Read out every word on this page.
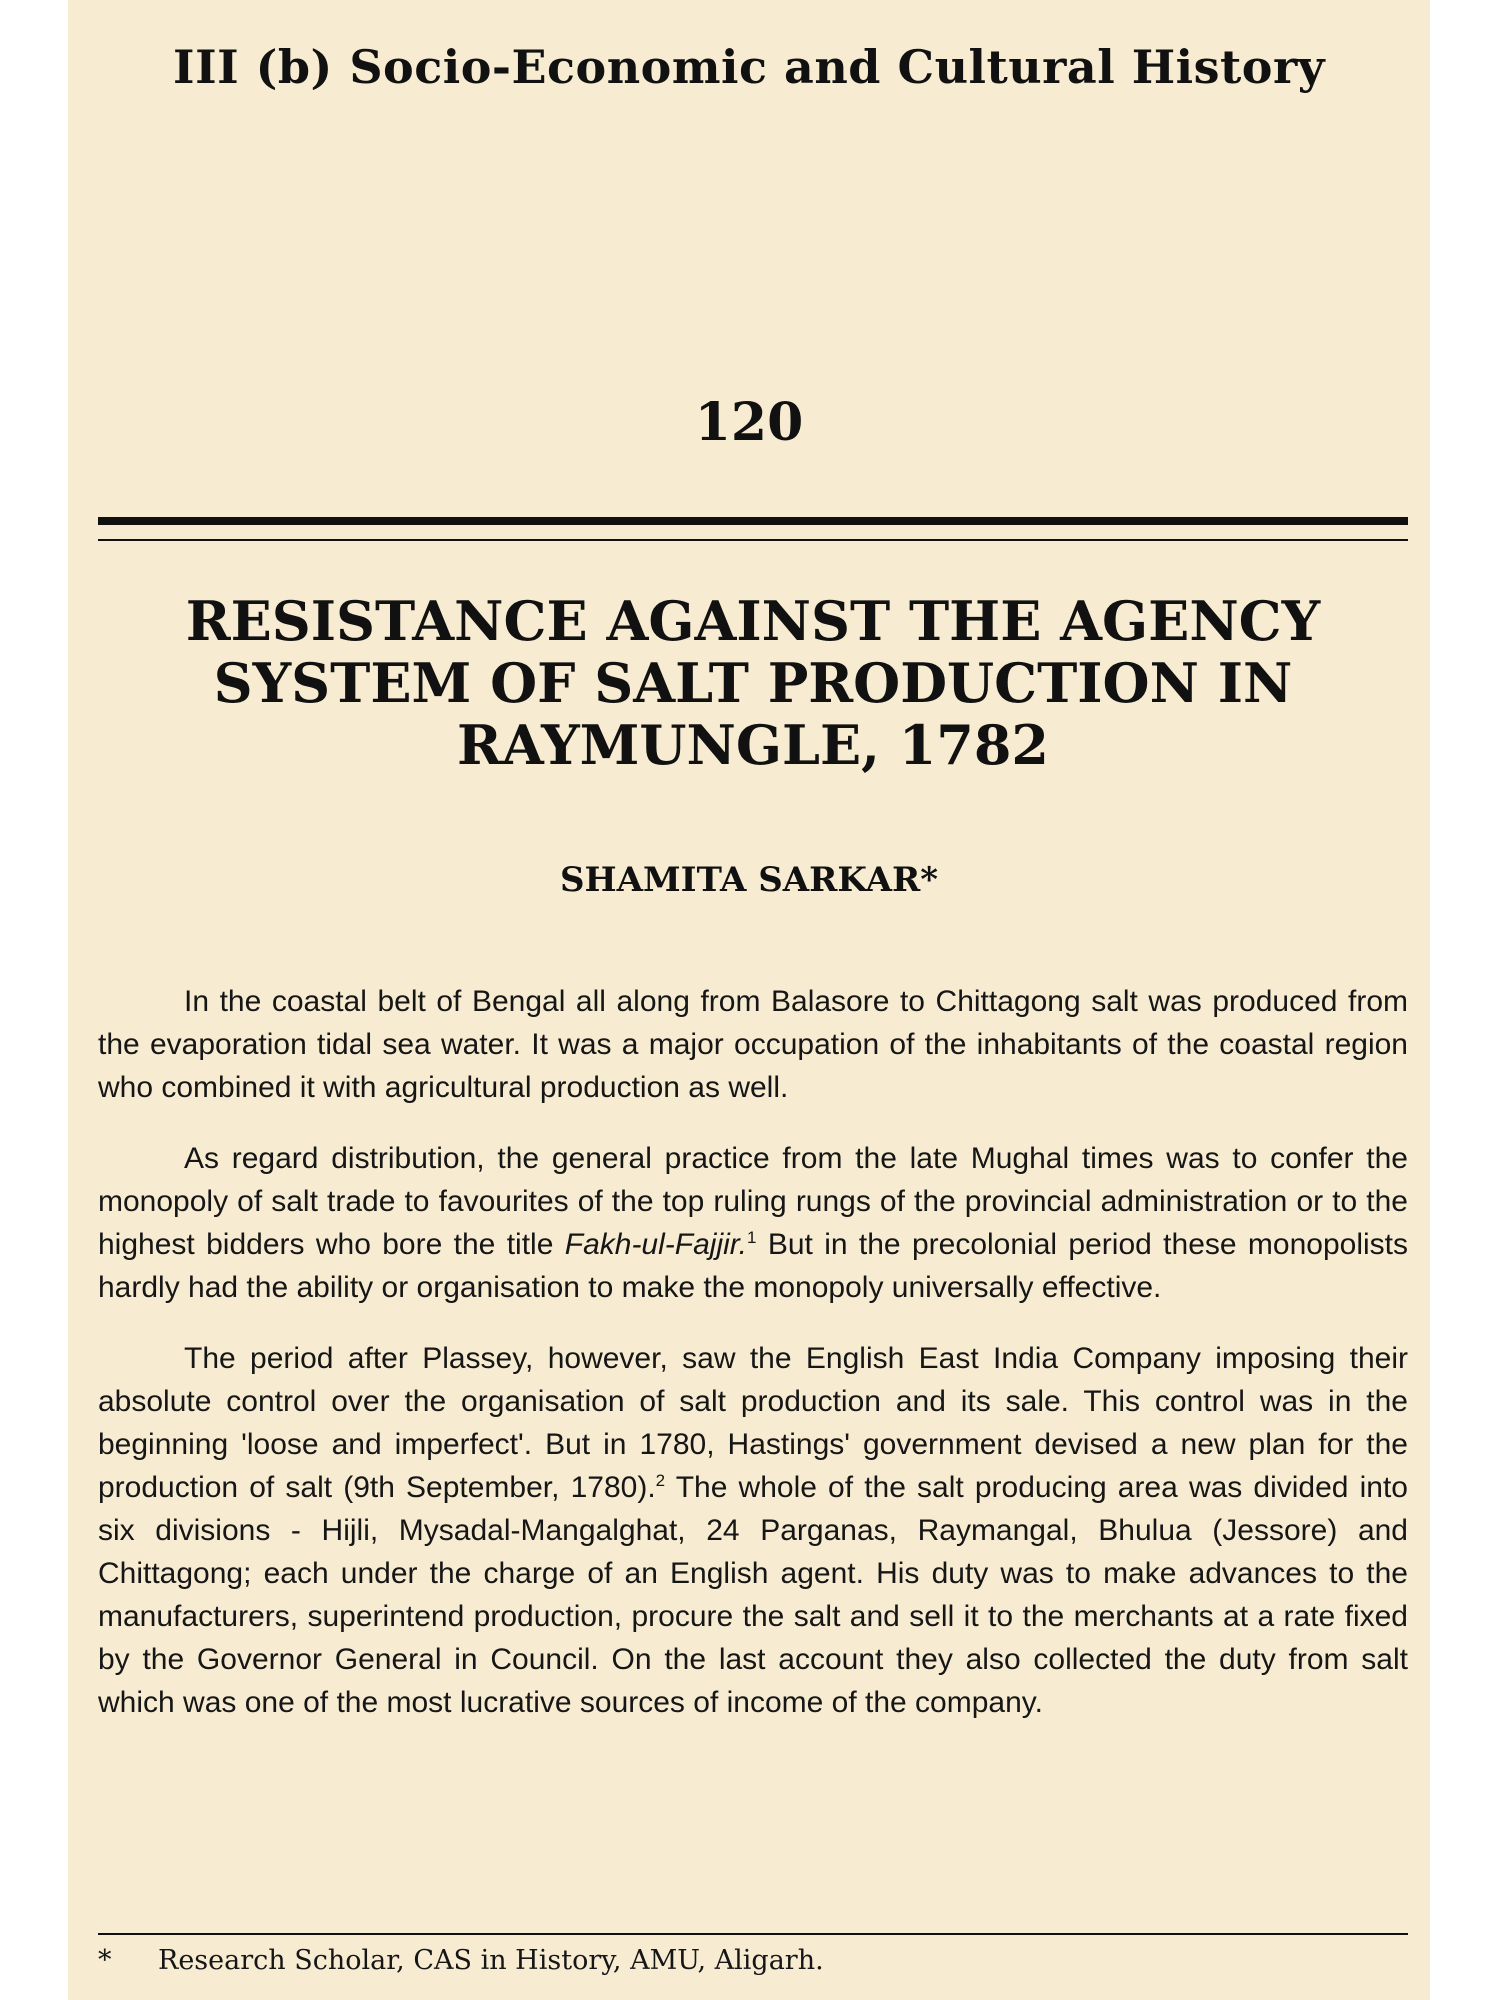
III (b) Socio-Economic and Cultural History
120
RESISTANCE AGAINST THE AGENCY
SYSTEM OF SALT PRODUCTION IN
RAYMUNGLE, 1782
SHAMITA SARKAR*

In the coastal belt of Bengal all along from Balasore to Chittagong salt was produced from the evaporation tidal sea water. It was a major occupation of the inhabitants of the coastal region who combined it with agricultural production as well.

As regard distribution, the general practice from the late Mughal times was to confer the monopoly of salt trade to favourites of the top ruling rungs of the provincial administration or to the highest bidders who bore the title Fakh-ul-Fajjir.$^1$ But in the precolonial period these monopolists hardly had the ability or organisation to make the monopoly universally effective.

The period after Plassey, however, saw the English East India Company imposing their absolute control over the organisation of salt production and its sale. This control was in the beginning 'loose and imperfect'. But in 1780, Hastings' government devised a new plan for the production of salt (9th September, 1780).$^2$ The whole of the salt producing area was divided into six divisions - Hijli, Mysadal-Mangalghat, 24 Parganas, Raymangal, Bhulua (Jessore) and Chittagong; each under the charge of an English agent. His duty was to make advances to the manufacturers, superintend production, procure the salt and sell it to the merchants at a rate fixed by the Governor General in Council. On the last account they also collected the duty from salt which was one of the most lucrative sources of income of the company.

* Research Scholar, CAS in History, AMU, Aligarh.
